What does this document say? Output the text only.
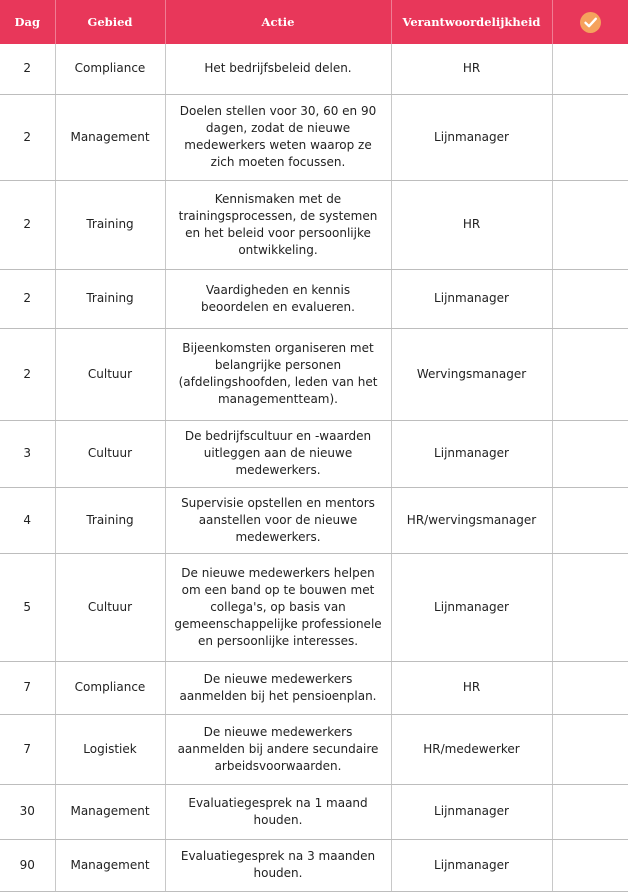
Dag	Gebied	Actie	Verantwoordelijkheid	

2	Compliance	Het bedrijfsbeleid delen.	HR	
2	Management	Doelen stellen voor 30, 60 en 90 dagen, zodat de nieuwe medewerkers weten waarop ze zich moeten focussen.	Lijnmanager	
2	Training	Kennismaken met de trainingsprocessen, de systemen en het beleid voor persoonlijke ontwikkeling.	HR	
2	Training	Vaardigheden en kennis beoordelen en evalueren.	Lijnmanager	
2	Cultuur	Bijeenkomsten organiseren met belangrijke personen (afdelingshoofden, leden van het managementteam).	Wervingsmanager	
3	Cultuur	De bedrijfscultuur en -waarden uitleggen aan de nieuwe medewerkers.	Lijnmanager	
4	Training	Supervisie opstellen en mentors aanstellen voor de nieuwe medewerkers.	HR/wervingsmanager	
5	Cultuur	De nieuwe medewerkers helpen om een band op te bouwen met collega's, op basis van gemeenschappelijke professionele en persoonlijke interesses.	Lijnmanager	
7	Compliance	De nieuwe medewerkers aanmelden bij het pensioenplan.	HR	
7	Logistiek	De nieuwe medewerkers aanmelden bij andere secundaire arbeidsvoorwaarden.	HR/medewerker	
30	Management	Evaluatiegesprek na 1 maand houden.	Lijnmanager	
90	Management	Evaluatiegesprek na 3 maanden houden.	Lijnmanager	
